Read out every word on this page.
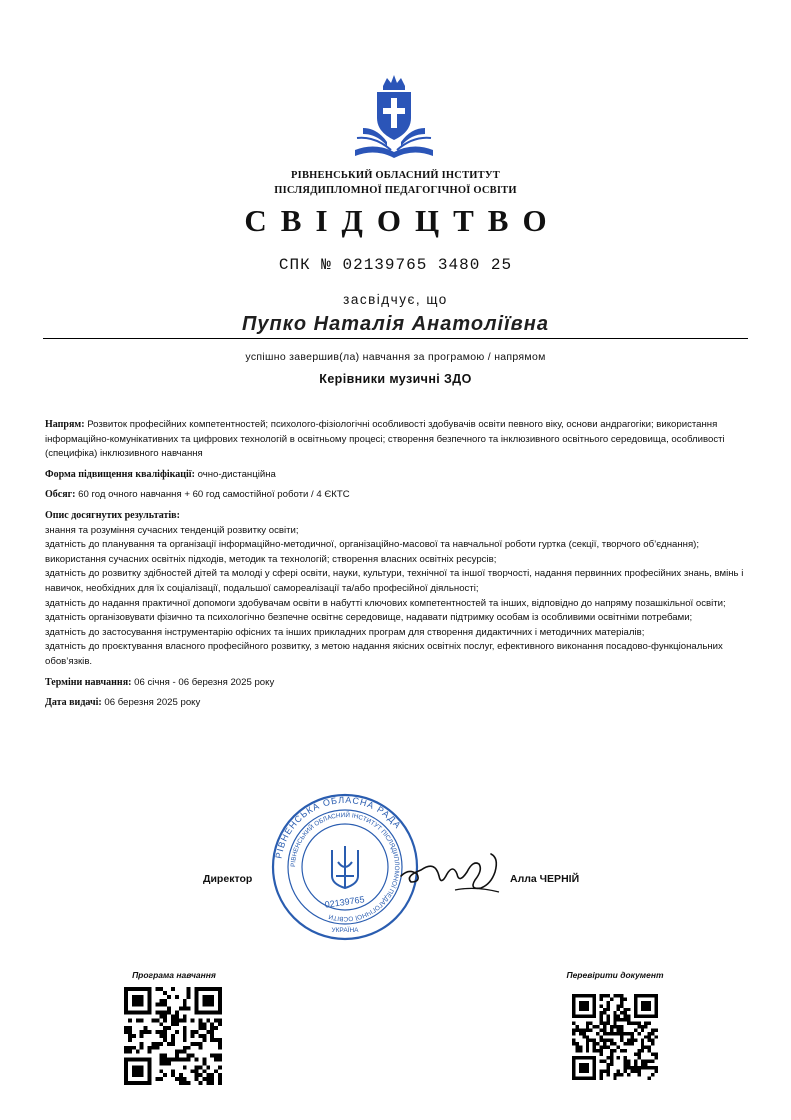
РІВНЕНСЬКИЙ ОБЛАСНИЙ ІНСТИТУТ
ПІСЛЯДИПЛОМНОЇ ПЕДАГОГІЧНОЇ ОСВІТИ
СВІДОЦТВО
СПК № 02139765 3480 25
засвідчує, що
Пупко Наталія Анатоліївна
успішно завершив(ла) навчання за програмою / напрямом
Керівники музичні ЗДО

Напрям: Розвиток професійних компетентностей; психолого-фізіологічні особливості здобувачів освіти певного віку, основи андрагогіки; використання інформаційно-комунікативних та цифрових технологій в освітньому процесі; створення безпечного та інклюзивного освітнього середовища, особливості (специфіка) інклюзивного навчання

Форма підвищення кваліфікації: очно-дистанційна

Обсяг: 60 год очного навчання + 60 год самостійної роботи / 4 ЄКТС

Опис досягнутих результатів:

знання та розуміння сучасних тенденцій розвитку освіти;

здатність до планування та організації інформаційно-методичної, організаційно-масової та навчальної роботи гуртка (секції, творчого об’єднання); використання сучасних освітніх підходів, методик та технологій; створення власних освітніх ресурсів;

здатність до розвитку здібностей дітей та молоді у сфері освіти, науки, культури, технічної та іншої творчості, надання первинних професійних знань, вмінь і навичок, необхідних для їх соціалізації, подальшої самореалізації та/або професійної діяльності;

здатність до надання практичної допомоги здобувачам освіти в набутті ключових компетентностей та інших, відповідно до напряму позашкільної освіти;

здатність організовувати фізично та психологічно безпечне освітнє середовище, надавати підтримку особам із особливими освітніми потребами;

здатність до застосування інструментарію офісних та інших прикладних програм для створення дидактичних і методичних матеріалів;

здатність до проєктування власного професійного розвитку, з метою надання якісних освітніх послуг, ефективного виконання посадово-функціональних обов’язків.

Терміни навчання: 06 січня - 06 березня 2025 року

Дата видачі: 06 березня 2025 року

РІВНЕНСЬКА ОБЛАСНА РАДА
РІВНЕНСЬКИЙ ОБЛАСНИЙ ІНСТИТУТ ПІСЛЯДИПЛОМНОЇ ПЕДАГОГІЧНОЇ ОСВІТИ
02139765
УКРАЇНА
Директор	Алла ЧЕРНІЙ
Програма навчання	Перевірити документ
